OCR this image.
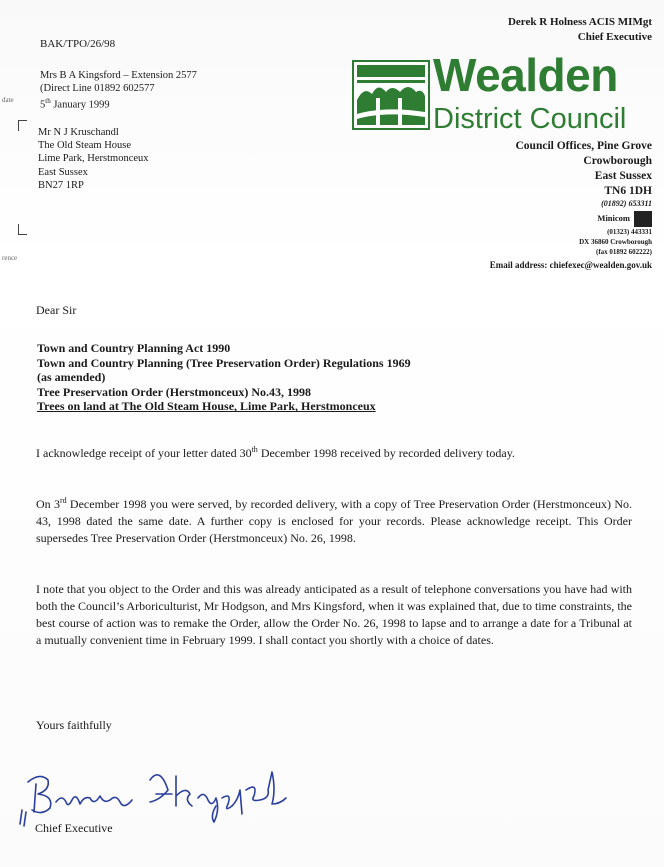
date
rence
BAK/TPO/26/98
Mrs B A Kingsford – Extension 2577
(Direct Line 01892 602577
5th January 1999
Mr N J Kruschandl
The Old Steam House
Lime Park, Herstmonceux
East Sussex
BN27 1RP
Derek R Holness ACIS MIMgt
Chief Executive
Wealden
District Council
Council Offices, Pine Grove
Crowborough
East Sussex
TN6 1DH
(01892) 653311
Minicom
(01323) 443331
DX 36860 Crowborough
(fax 01892 602222)
Email address: chiefexec@wealden.gov.uk
Dear Sir
Town and Country Planning Act 1990
Town and Country Planning (Tree Preservation Order) Regulations 1969
(as amended)
Tree Preservation Order (Herstmonceux) No.43, 1998
Trees on land at The Old Steam House, Lime Park, Herstmonceux
I acknowledge receipt of your letter dated 30th December 1998 received by recorded delivery today.
On 3rd December 1998 you were served, by recorded delivery, with a copy of Tree Preservation Order (Herstmonceux) No. 43, 1998 dated the same date. A further copy is enclosed for your records. Please acknowledge receipt. This Order supersedes Tree Preservation Order (Herstmonceux) No. 26, 1998.
I note that you object to the Order and this was already anticipated as a result of telephone conversations you have had with both the Council’s Arboriculturist, Mr Hodgson, and Mrs Kingsford, when it was explained that, due to time constraints, the best course of action was to remake the Order, allow the Order No. 26, 1998 to lapse and to arrange a date for a Tribunal at a mutually convenient time in February 1999. I shall contact you shortly with a choice of dates.
Yours faithfully
Chief Executive
